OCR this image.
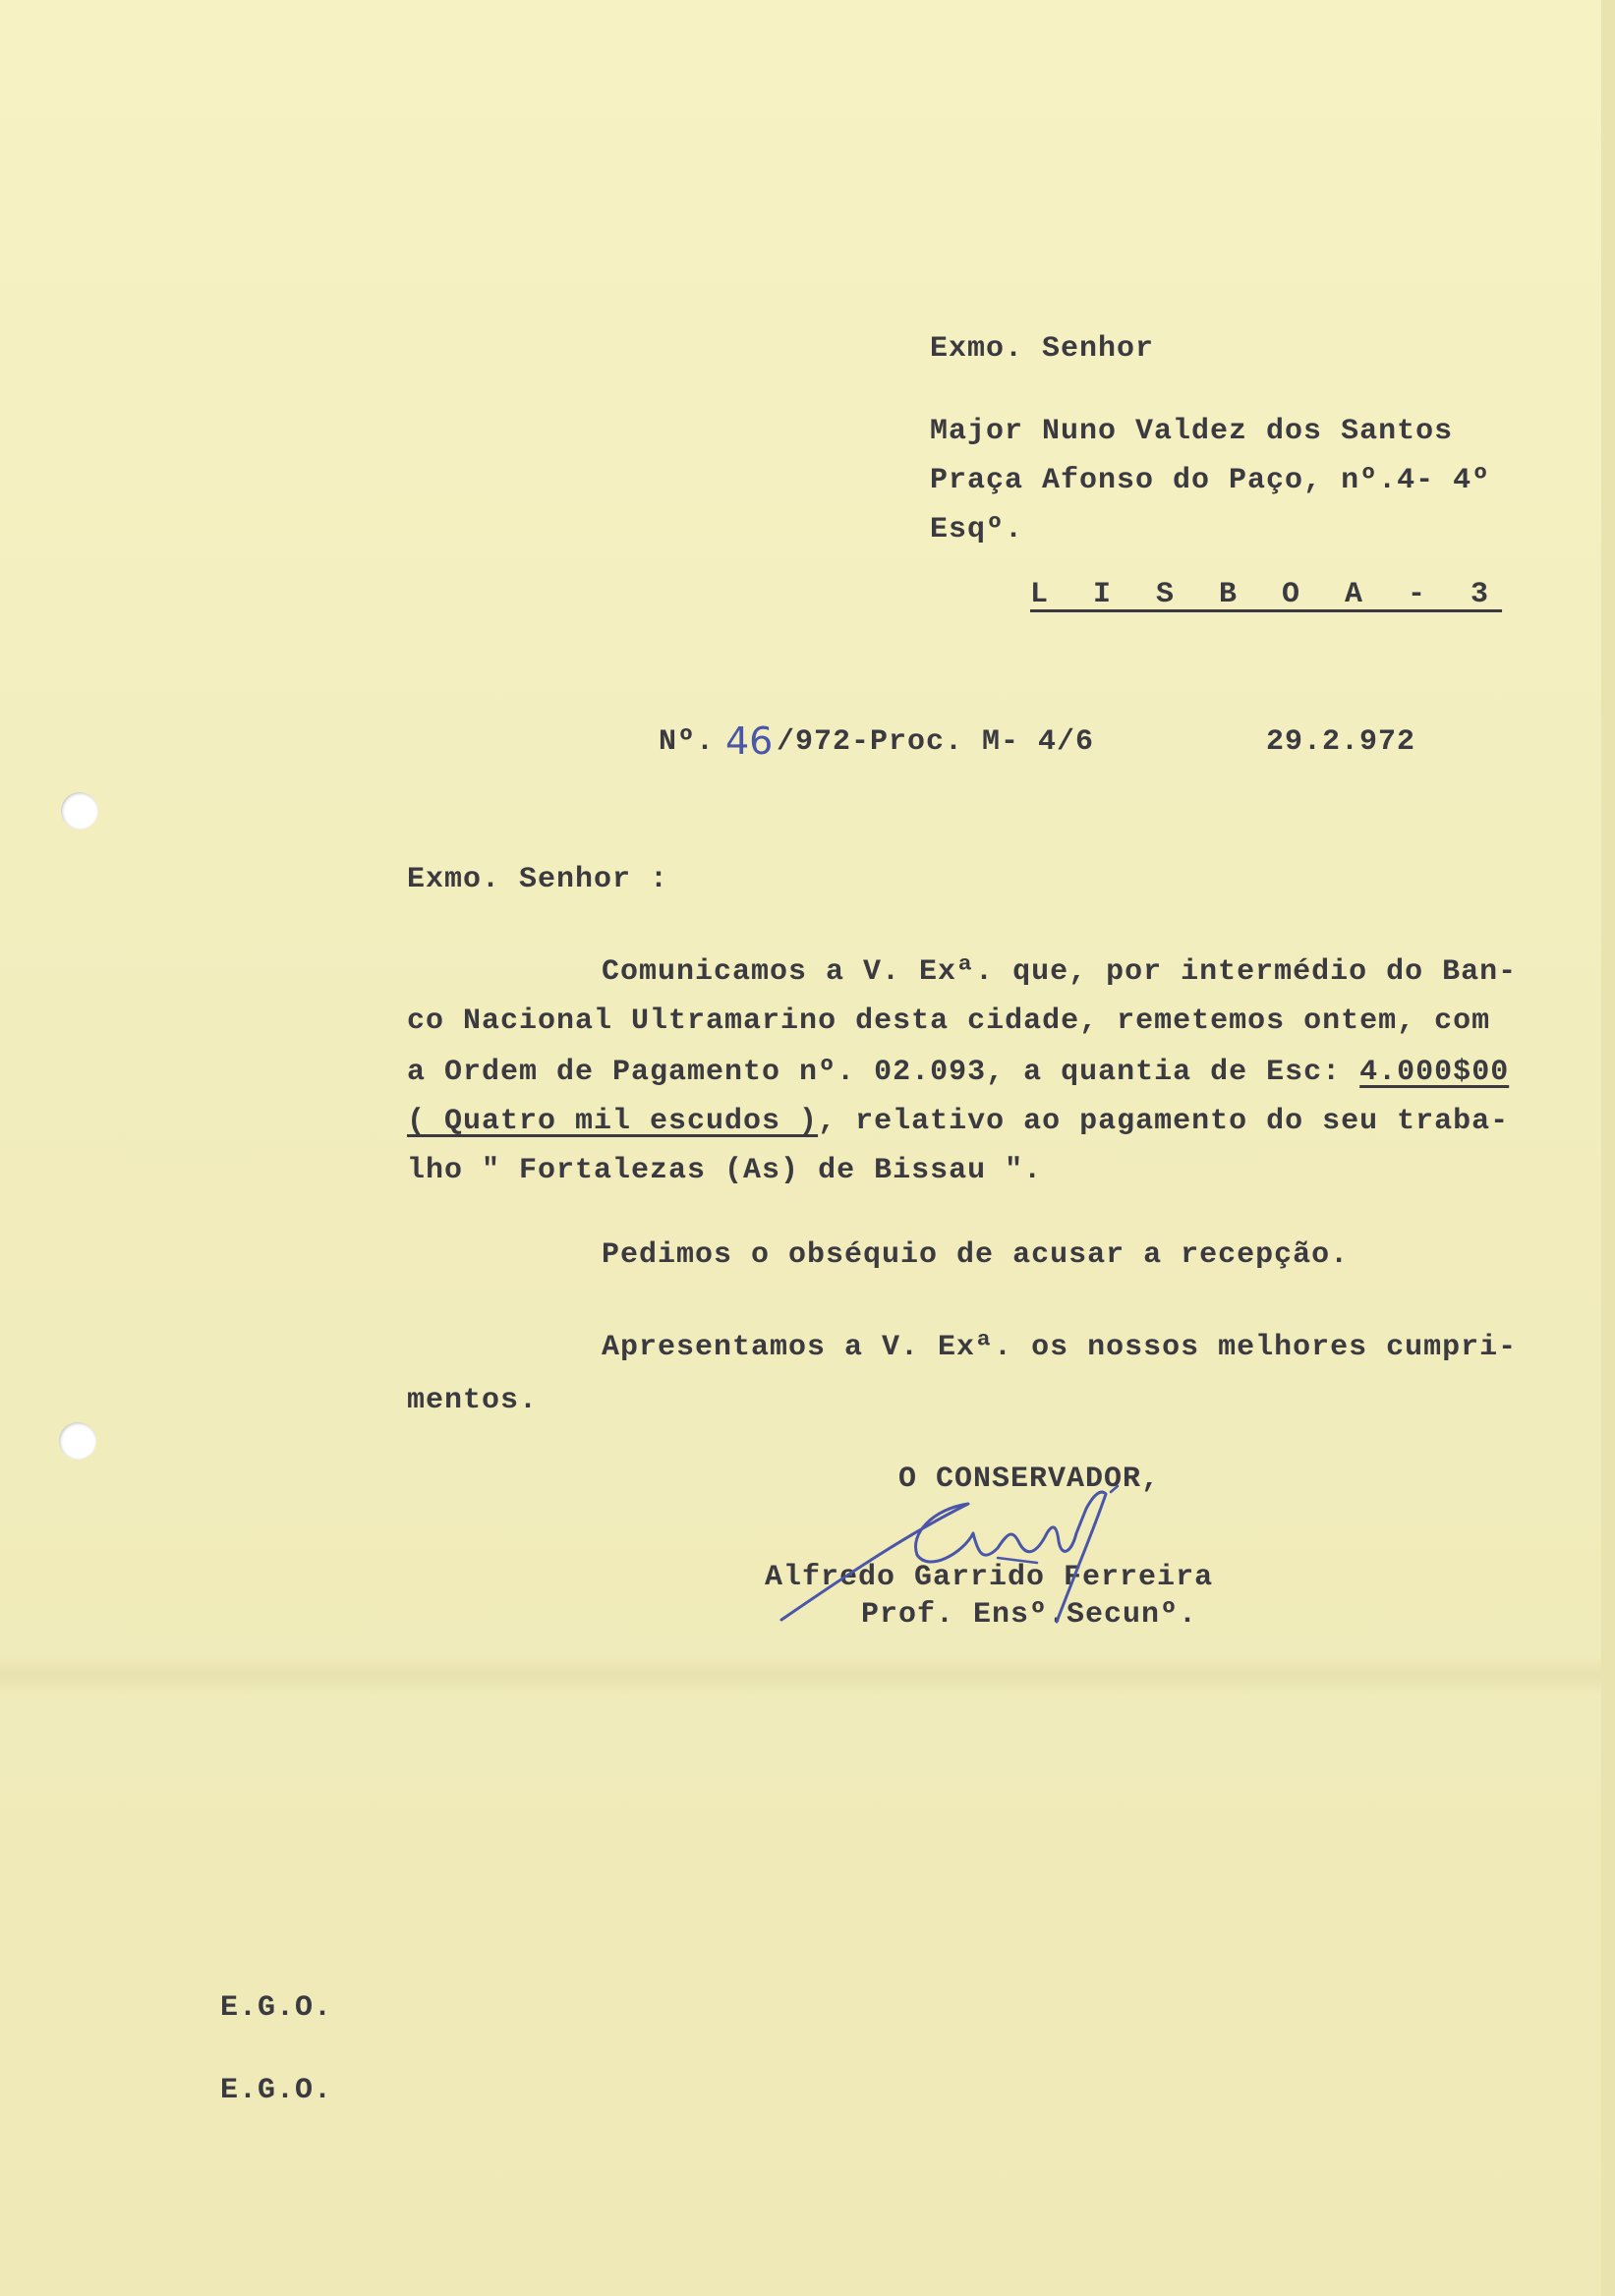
Exmo. Senhor
Major Nuno Valdez dos Santos
Praça Afonso do Paço, nº.4- 4º
Esqº.
L I S B O A - 3
Nº. 46 /972-Proc. M- 4/6	29.2.972
Exmo. Senhor :
Comunicamos a V. Exª. que, por intermédio do Ban-
co Nacional Ultramarino desta cidade, remetemos ontem, com
a Ordem de Pagamento nº. 02.093, a quantia de Esc: 4.000$00
( Quatro mil escudos ), relativo ao pagamento do seu traba-
lho " Fortalezas (As) de Bissau ".
Pedimos o obséquio de acusar a recepção.
Apresentamos a V. Exª. os nossos melhores cumpri-
mentos.
O CONSERVADOR,
Alfredo Garrido Ferreira
Prof. Ensº.Secunº.
E.G.O.
E.G.O.
